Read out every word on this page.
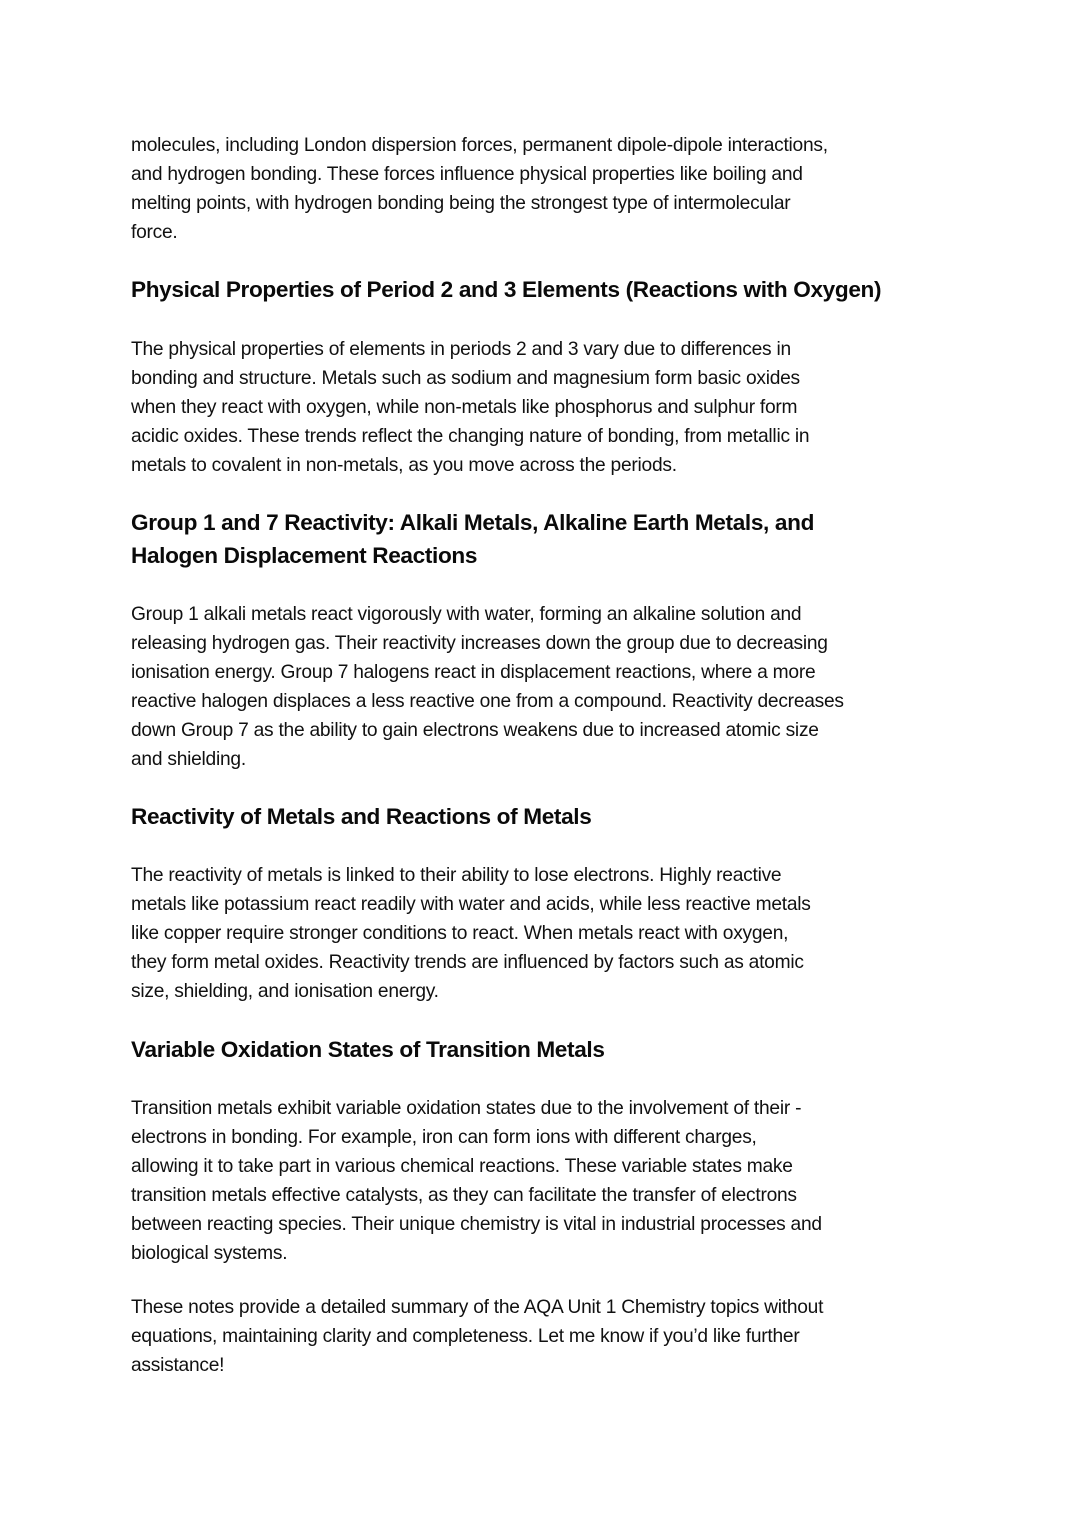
molecules, including London dispersion forces, permanent dipole-dipole interactions,
and hydrogen bonding. These forces influence physical properties like boiling and
melting points, with hydrogen bonding being the strongest type of intermolecular
force.
Physical Properties of Period 2 and 3 Elements (Reactions with Oxygen)
The physical properties of elements in periods 2 and 3 vary due to differences in
bonding and structure. Metals such as sodium and magnesium form basic oxides
when they react with oxygen, while non-metals like phosphorus and sulphur form
acidic oxides. These trends reflect the changing nature of bonding, from metallic in
metals to covalent in non-metals, as you move across the periods.
Group 1 and 7 Reactivity: Alkali Metals, Alkaline Earth Metals, and
Halogen Displacement Reactions
Group 1 alkali metals react vigorously with water, forming an alkaline solution and
releasing hydrogen gas. Their reactivity increases down the group due to decreasing
ionisation energy. Group 7 halogens react in displacement reactions, where a more
reactive halogen displaces a less reactive one from a compound. Reactivity decreases
down Group 7 as the ability to gain electrons weakens due to increased atomic size
and shielding.
Reactivity of Metals and Reactions of Metals
The reactivity of metals is linked to their ability to lose electrons. Highly reactive
metals like potassium react readily with water and acids, while less reactive metals
like copper require stronger conditions to react. When metals react with oxygen,
they form metal oxides. Reactivity trends are influenced by factors such as atomic
size, shielding, and ionisation energy.
Variable Oxidation States of Transition Metals
Transition metals exhibit variable oxidation states due to the involvement of their -
electrons in bonding. For example, iron can form ions with different charges,
allowing it to take part in various chemical reactions. These variable states make
transition metals effective catalysts, as they can facilitate the transfer of electrons
between reacting species. Their unique chemistry is vital in industrial processes and
biological systems.
These notes provide a detailed summary of the AQA Unit 1 Chemistry topics without
equations, maintaining clarity and completeness. Let me know if you’d like further
assistance!
